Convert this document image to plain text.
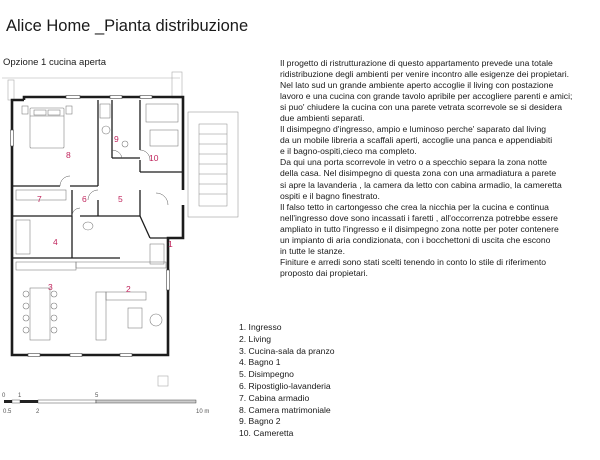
Alice Home _Pianta distribuzione
Opzione 1 cucina aperta	Il progetto di ristrutturazione di questo appartamento prevede una totale

ridistribuzione degli ambienti per venire incontro alle esigenze dei propietari.

Nel lato sud un grande ambiente aperto accoglie il living con postazione

lavoro e una cucina con grande tavolo apribile per accogliere parenti e amici;

si puo' chiudere la cucina con una parete vetrata scorrevole se si desidera

due ambienti separati.

Il disimpegno d'ingresso, ampio e luminoso perche' saparato dal living

da un mobile libreria a scaffali aperti, accoglie una panca e appendiabiti

e il bagno-ospiti,cieco ma completo.

Da qui una porta scorrevole in vetro o a specchio separa la zona notte

della casa. Nel disimpegno di questa zona con una armadiatura a parete

si apre la lavanderia , la camera da letto con cabina armadio, la cameretta

ospiti e il bagno finestrato.

Il falso tetto in cartongesso che crea la nicchia per la cucina e continua

nell'ingresso dove sono incassati i faretti , all'occorrenza potrebbe essere

ampliato in tutto l'ingresso e il disimpegno zona notte per poter contenere

un impianto di aria condizionata, con i bocchettoni di uscita che escono

in tutte le stanze.

Finiture e arredi sono stati scelti tenendo in conto lo stile di riferimento

proposto dai propietari.

1. Ingresso
2. Living
3. Cucina-sala da pranzo
4. Bagno 1
5. Disimpegno
6. Ripostiglio-lavanderia
7. Cabina armadio
8. Camera matrimoniale
9. Bagno 2
10. Cameretta
1
2
3
4
5
6
7
8
9
10
0
0.5
1
2
5
10 m
